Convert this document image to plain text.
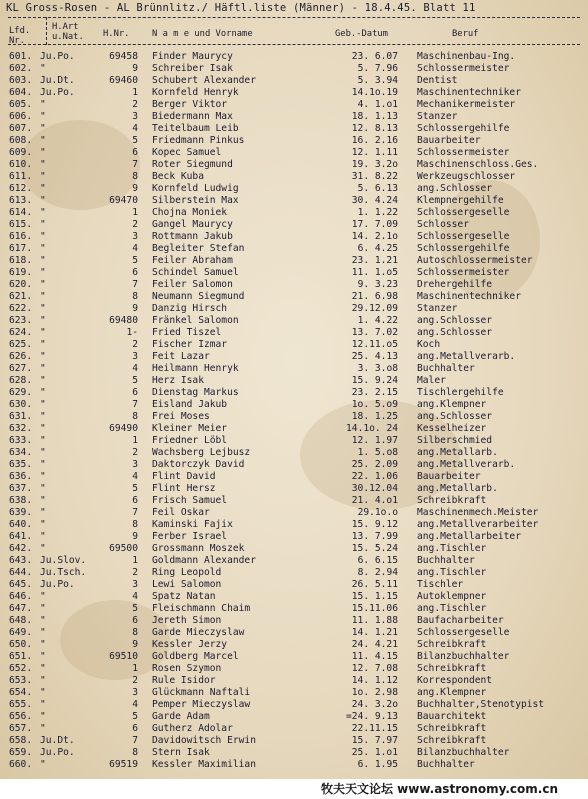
KL Gross-Rosen - AL Brünnlitz./ Häftl.liste (Männer) - 18.4.45. Blatt 11
Lfd. Nr.
H.Art u.Nat.	H.Nr.	N a m e und Vorname	Geb.-Datum	Beruf
601. Ju.Po.	69458 Finder Maurycy	23. 6.07 Maschinenbau-Ing.
602. "	9 Schreiber Isak	5. 7.96 Schlossermeister
603. Ju.Dt.	69460 Schubert Alexander	5. 3.94 Dentist
604. Ju.Po.	1 Kornfeld Henryk	14.1o.19 Maschinentechniker
605. "	2 Berger Viktor	4. 1.o1 Mechanikermeister
606. "	3 Biedermann Max	18. 1.13 Stanzer
607. "	4 Teitelbaum Leib	12. 8.13 Schlossergehilfe
608. "	5 Friedmann Pinkus	16. 2.16 Bauarbeiter
609. "	6 Kopec Samuel	12. 1.11 Schlossermeister
610. "	7 Roter Siegmund	19. 3.2o Maschinenschloss.Ges.
611. "	8 Beck Kuba	31. 8.22 Werkzeugschlosser
612. "	9 Kornfeld Ludwig	5. 6.13 ang.Schlosser
613. "	69470 Silberstein Max	30. 4.24 Klempnergehilfe
614. "	1 Chojna Moniek	1. 1.22 Schlossergeselle
615. "	2 Gangel Maurycy	17. 7.09 Schlosser
616. "	3 Rottmann Jakub	14. 2.1o Schlossergeselle
617. "	4 Begleiter Stefan	6. 4.25 Schlossergehilfe
618. "	5 Feiler Abraham	23. 1.21 Autoschlossermeister
619. "	6 Schindel Samuel	11. 1.o5 Schlossermeister
620. "	7 Feiler Salomon	9. 3.23 Drehergehilfe
621. "	8 Neumann Siegmund	21. 6.98 Maschinentechniker
622. "	9 Danzig Hirsch	29.12.09 Stanzer
623. "	69480 Fränkel Salomon	1. 4.22 ang.Schlosser
624. "	1- Fried Tiszel	13. 7.02 ang.Schlosser
625. "	2 Fischer Izmar	12.11.o5 Koch
626. "	3 Feit Lazar	25. 4.13 ang.Metallverarb.
627. "	4 Heilmann Henryk	3. 3.o8 Buchhalter
628. "	5 Herz Isak	15. 9.24 Maler
629. "	6 Dienstag Markus	23. 2.15 Tischlergehilfe
630. "	7 Eisland Jakub	1o. 5.o9 ang.Klempner
631. "	8 Frei Moses	18. 1.25 ang.Schlosser
632. "	69490 Kleiner Meier	14.1o. 24 Kesselheizer
633. "	1 Friedner Löbl	12. 1.97 Silberschmied
634. "	2 Wachsberg Lejbusz	1. 5.o8 ang.Metallarb.
635. "	3 Daktorczyk David	25. 2.09 ang.Metallverarb.
636. "	4 Flint David	22. 1.06 Bauarbeiter
637. "	5 Flint Hersz	30.12.04 ang.Metallarb.
638. "	6 Frisch Samuel	21. 4.o1 Schreibkraft
639. "	7 Feil Oskar	29.1o.o Maschinenmech.Meister
640. "	8 Kaminski Fajix	15. 9.12 ang.Metallverarbeiter
641. "	9 Ferber Israel	13. 7.99 ang.Metallarbeiter
642. "	69500 Grossmann Moszek	15. 5.24 ang.Tischler
643. Ju.Slov.	1 Goldmann Alexander	6. 6.15 Buchhalter
644. Ju.Tsch.	2 Ring Leopold	8. 2.94 ang.Tischler
645. Ju.Po.	3 Lewi Salomon	26. 5.11 Tischler
646. "	4 Spatz Natan	15. 1.15 Autoklempner
647. "	5 Fleischmann Chaim	15.11.06 ang.Tischler
648. "	6 Jereth Simon	11. 1.88 Baufacharbeiter
649. "	8 Garde Mieczyslaw	14. 1.21 Schlossergeselle
650. "	9 Kessler Jerzy	24. 4.21 Schreibkraft
651. "	69510 Goldberg Marcel	11. 4.15 Bilanzbuchhalter
652. "	1 Rosen Szymon	12. 7.08 Schreibkraft
653. "	2 Rule Isidor	14. 1.12 Korrespondent
654. "	3 Glückmann Naftali	1o. 2.98 ang.Klempner
655. "	4 Pemper Mieczyslaw	24. 3.2o Buchhalter,Stenotypist
656. "	5 Garde Adam	=24. 9.13 Bauarchitekt
657. "	6 Gutherz Adolar	22.11.15 Schreibkraft
658. Ju.Dt.	7 Davidowitsch Erwin	15. 7.97 Schreibkraft
659. Ju.Po.	8 Stern Isak	25. 1.o1 Bilanzbuchhalter
660. "	69519 Kessler Maximilian	6. 1.95 Buchhalter
牧夫天文论坛 www.astronomy.com.cn
